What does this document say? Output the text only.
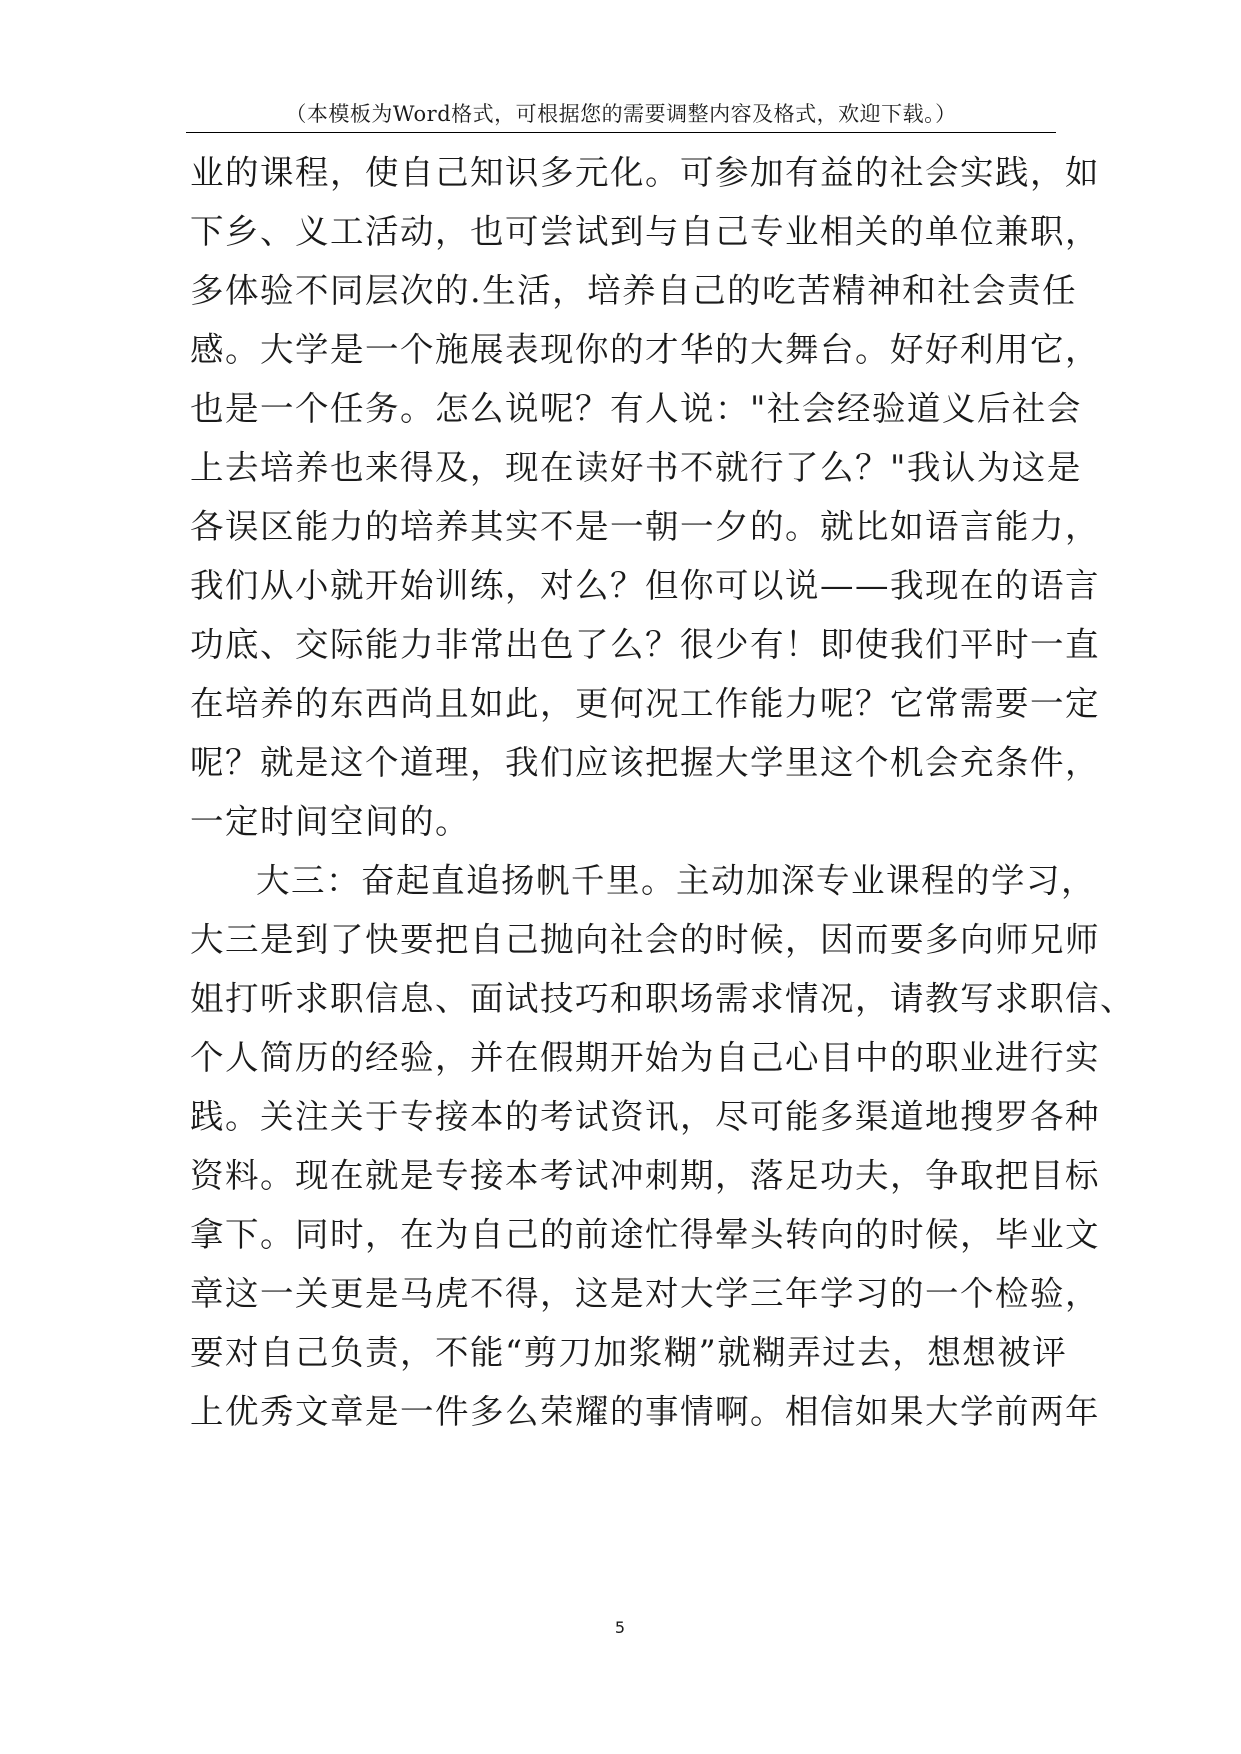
（本模板为Word格式，可根据您的需要调整内容及格式，欢迎下载。）
业的课程，使自己知识多元化。可参加有益的社会实践，如
下乡、义工活动，也可尝试到与自己专业相关的单位兼职，
多体验不同层次的.生活，培养自己的吃苦精神和社会责任
感。大学是一个施展表现你的才华的大舞台。好好利用它，
也是一个任务。怎么说呢？有人说："社会经验道义后社会
上去培养也来得及，现在读好书不就行了么？"我认为这是
各误区能力的培养其实不是一朝一夕的。就比如语言能力，
我们从小就开始训练，对么？但你可以说——我现在的语言
功底、交际能力非常出色了么？很少有！即使我们平时一直
在培养的东西尚且如此，更何况工作能力呢？它常需要一定
呢？就是这个道理，我们应该把握大学里这个机会充条件，
一定时间空间的。
大三：奋起直追扬帆千里。主动加深专业课程的学习，
大三是到了快要把自己抛向社会的时候，因而要多向师兄师
姐打听求职信息、面试技巧和职场需求情况，请教写求职信、
个人简历的经验，并在假期开始为自己心目中的职业进行实
践。关注关于专接本的考试资讯，尽可能多渠道地搜罗各种
资料。现在就是专接本考试冲刺期，落足功夫，争取把目标
拿下。同时，在为自己的前途忙得晕头转向的时候，毕业文
章这一关更是马虎不得，这是对大学三年学习的一个检验，
要对自己负责，不能“剪刀加浆糊”就糊弄过去，想想被评
上优秀文章是一件多么荣耀的事情啊。相信如果大学前两年
5
